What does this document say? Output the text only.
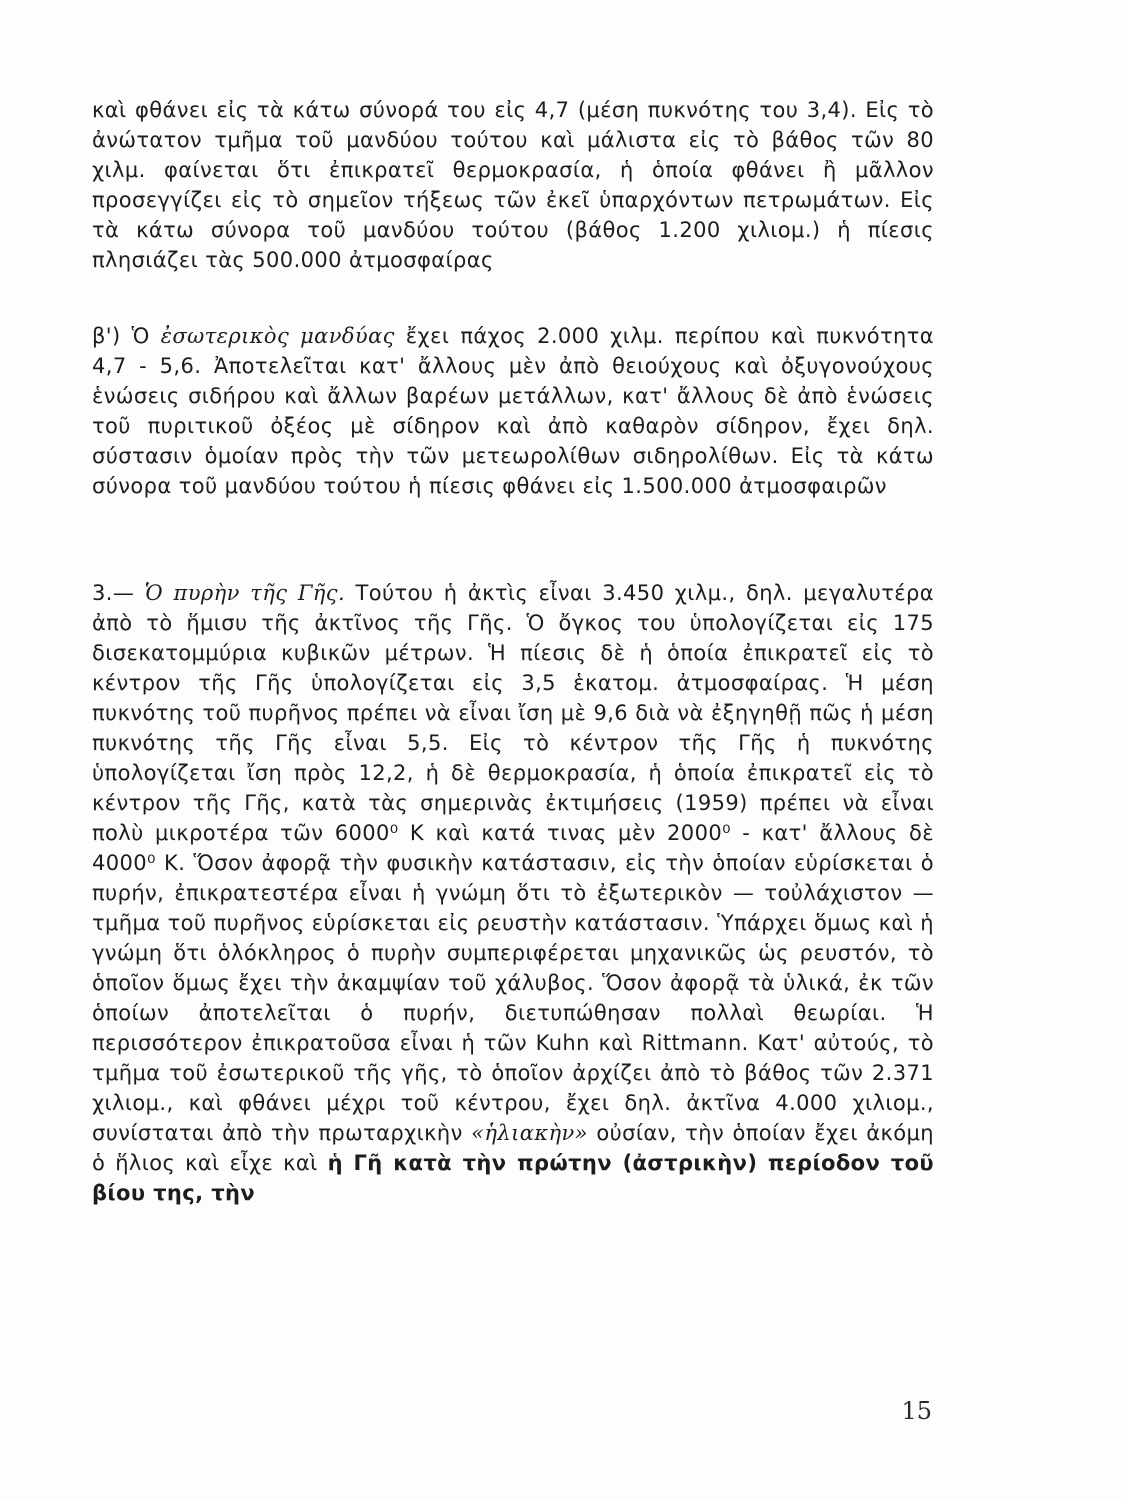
καὶ φθάνει εἰς τὰ κάτω σύνορά του εἰς 4,7 (μέση πυκνότης του 3,4). Εἰς τὸ ἀνώτατον τμῆμα τοῦ μανδύου τούτου καὶ μάλιστα εἰς τὸ βάθος τῶν 80 χιλμ. φαίνεται ὅτι ἐπικρατεῖ θερμοκρασία, ἡ ὁποία φθάνει ἢ μᾶλλον προσεγγίζει εἰς τὸ σημεῖον τήξεως τῶν ἐκεῖ ὑπαρχόντων πετρωμάτων. Εἰς τὰ κάτω σύνορα τοῦ μανδύου τούτου (βάθος 1.200 χιλιομ.) ἡ πίεσις πλησιάζει τὰς 500.000 ἀτμοσφαίρας

β') Ὁ ἐσωτερικὸς μανδύας ἔχει πάχος 2.000 χιλμ. περίπου καὶ πυκνότητα 4,7 - 5,6. Ἀποτελεῖται κατ' ἄλλους μὲν ἀπὸ θειούχους καὶ ὀξυγονούχους ἑνώσεις σιδήρου καὶ ἄλλων βαρέων μετάλλων, κατ' ἄλλους δὲ ἀπὸ ἑνώσεις τοῦ πυριτικοῦ ὀξέος μὲ σίδηρον καὶ ἀπὸ καθαρὸν σίδηρον, ἔχει δηλ. σύστασιν ὁμοίαν πρὸς τὴν τῶν μετεωρολίθων σιδηρολίθων. Εἰς τὰ κάτω σύνορα τοῦ μανδύου τούτου ἡ πίεσις φθάνει εἰς 1.500.000 ἀτμοσφαιρῶν

3.— Ὁ πυρὴν τῆς Γῆς. Τούτου ἡ ἀκτὶς εἶναι 3.450 χιλμ., δηλ. μεγαλυτέρα ἀπὸ τὸ ἥμισυ τῆς ἀκτῖνος τῆς Γῆς. Ὁ ὄγκος του ὑπολογίζεται εἰς 175 δισεκατομμύρια κυβικῶν μέτρων. Ἡ πίεσις δὲ ἡ ὁποία ἐπικρατεῖ εἰς τὸ κέντρον τῆς Γῆς ὑπολογίζεται εἰς 3,5 ἑκατομ. ἀτμοσφαίρας. Ἡ μέση πυκνότης τοῦ πυρῆνος πρέπει νὰ εἶναι ἴση μὲ 9,6 διὰ νὰ ἐξηγηθῇ πῶς ἡ μέση πυκνότης τῆς Γῆς εἶναι 5,5. Εἰς τὸ κέντρον τῆς Γῆς ἡ πυκνότης ὑπολογίζεται ἴση πρὸς 12,2, ἡ δὲ θερμοκρασία, ἡ ὁποία ἐπικρατεῖ εἰς τὸ κέντρον τῆς Γῆς, κατὰ τὰς σημερινὰς ἐκτιμήσεις (1959) πρέπει νὰ εἶναι πολὺ μικροτέρα τῶν 6000⁰ Κ καὶ κατά τινας μὲν 2000⁰ - κατ' ἄλλους δὲ 4000⁰ Κ. Ὅσον ἀφορᾷ τὴν φυσικὴν κατάστασιν, εἰς τὴν ὁποίαν εὑρίσκεται ὁ πυρήν, ἐπικρατεστέρα εἶναι ἡ γνώμη ὅτι τὸ ἐξωτερικὸν — τοὐλάχιστον — τμῆμα τοῦ πυρῆνος εὑρίσκεται εἰς ρευστὴν κατάστασιν. Ὑπάρχει ὅμως καὶ ἡ γνώμη ὅτι ὁλόκληρος ὁ πυρὴν συμπεριφέρεται μηχανικῶς ὡς ρευστόν, τὸ ὁποῖον ὅμως ἔχει τὴν ἀκαμψίαν τοῦ χάλυβος. Ὅσον ἀφορᾷ τὰ ὑλικά, ἐκ τῶν ὁποίων ἀποτελεῖται ὁ πυρήν, διετυπώθησαν πολλαὶ θεωρίαι. Ἡ περισσότερον ἐπικρατοῦσα εἶναι ἡ τῶν Kuhn καὶ Rittmann. Κατ' αὐτούς, τὸ τμῆμα τοῦ ἐσωτερικοῦ τῆς γῆς, τὸ ὁποῖον ἀρχίζει ἀπὸ τὸ βάθος τῶν 2.371 χιλιομ., καὶ φθάνει μέχρι τοῦ κέντρου, ἔχει δηλ. ἀκτῖνα 4.000 χιλιομ., συνίσταται ἀπὸ τὴν πρωταρχικὴν «ἡλιακὴν» οὐσίαν, τὴν ὁποίαν ἔχει ἀκόμη ὁ ἥλιος καὶ εἶχε καὶ ἡ Γῆ κατὰ τὴν πρώτην (ἀστρικὴν) περίοδον τοῦ βίου της, τὴν

15
